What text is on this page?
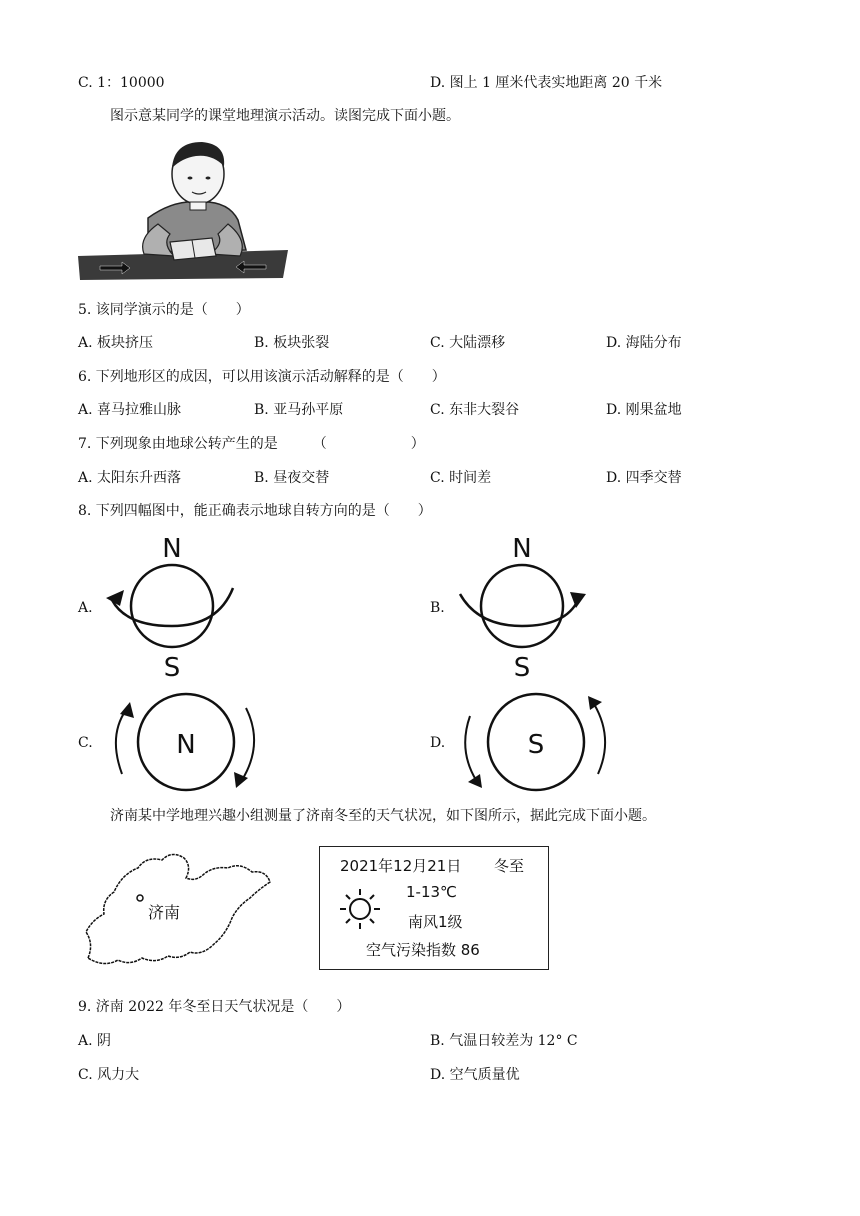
C. 1：10000	D. 图上 1 厘米代表实地距离 20 千米
图示意某同学的课堂地理演示活动。读图完成下面小题。
5. 该同学演示的是（　　）
A. 板块挤压	B. 板块张裂	C. 大陆漂移	D. 海陆分布
6. 下列地形区的成因，可以用该演示活动解释的是（　　）
A. 喜马拉雅山脉	B. 亚马孙平原	C. 东非大裂谷	D. 刚果盆地
7. 下列现象由地球公转产生的是　　　（　　　　　　）
A. 太阳东升西落	B. 昼夜交替	C. 时间差	D. 四季交替
8. 下列四幅图中，能正确表示地球自转方向的是（　　）
A.	B.
C.	D.
N
S
N
S
N	S
济南某中学地理兴趣小组测量了济南冬至的天气状况，如下图所示，据此完成下面小题。
济南
2021年12月21日 冬至
1-13℃
南风1级
空气污染指数 86
9. 济南 2022 年冬至日天气状况是（　　）
A. 阴	B. 气温日较差为 12° C
C. 风力大	D. 空气质量优
